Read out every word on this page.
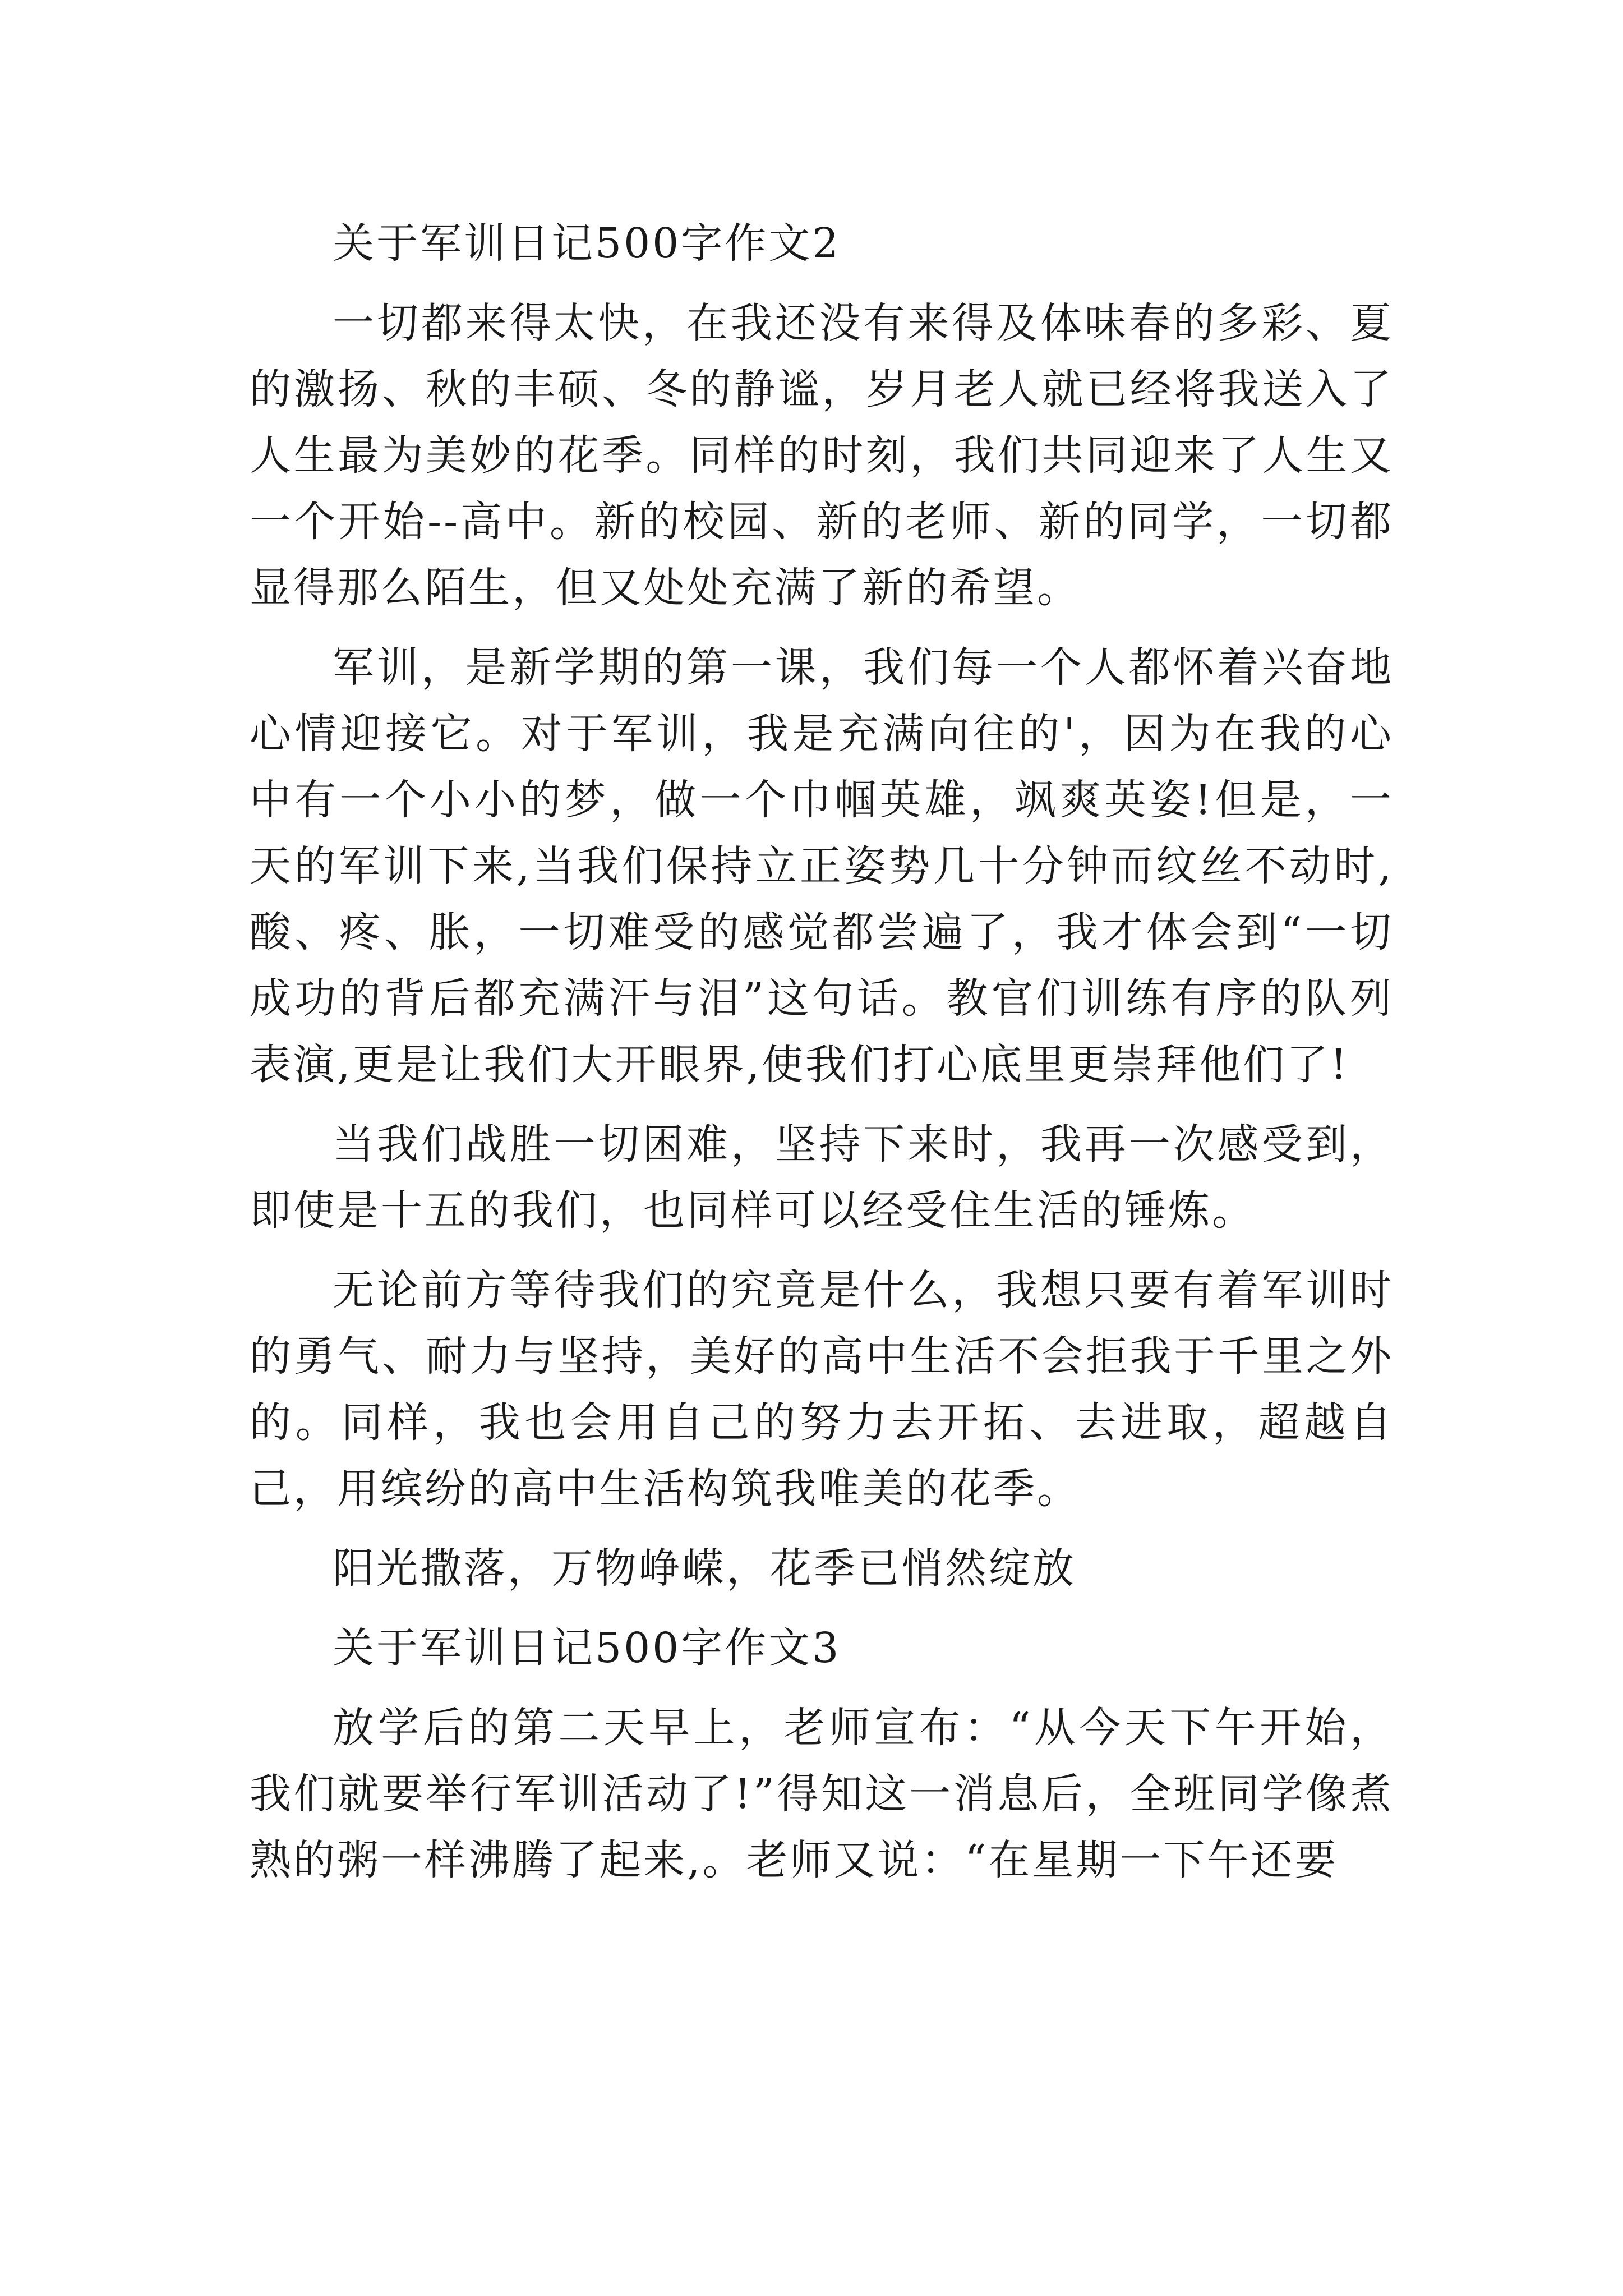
关于军训日记500字作文2

一切都来得太快，在我还没有来得及体味春的多彩、夏的激扬、秋的丰硕、冬的静谧，岁月老人就已经将我送入了人生最为美妙的花季。同样的时刻，我们共同迎来了人生又一个开始--高中。新的校园、新的老师、新的同学，一切都显得那么陌生，但又处处充满了新的希望。

军训，是新学期的第一课，我们每一个人都怀着兴奋地心情迎接它。对于军训，我是充满向往的'，因为在我的心中有一个小小的梦，做一个巾帼英雄，飒爽英姿!但是，一天的军训下来,当我们保持立正姿势几十分钟而纹丝不动时,酸、疼、胀，一切难受的感觉都尝遍了，我才体会到“一切成功的背后都充满汗与泪”这句话。教官们训练有序的队列表演,更是让我们大开眼界,使我们打心底里更崇拜他们了!

当我们战胜一切困难，坚持下来时，我再一次感受到，即使是十五的我们，也同样可以经受住生活的锤炼。

无论前方等待我们的究竟是什么，我想只要有着军训时的勇气、耐力与坚持，美好的高中生活不会拒我于千里之外的。同样，我也会用自己的努力去开拓、去进取，超越自己，用缤纷的高中生活构筑我唯美的花季。

阳光撒落，万物峥嵘，花季已悄然绽放

关于军训日记500字作文3

放学后的第二天早上，老师宣布：“从今天下午开始，我们就要举行军训活动了!”得知这一消息后，全班同学像煮熟的粥一样沸腾了起来,。老师又说：“在星期一下午还要
